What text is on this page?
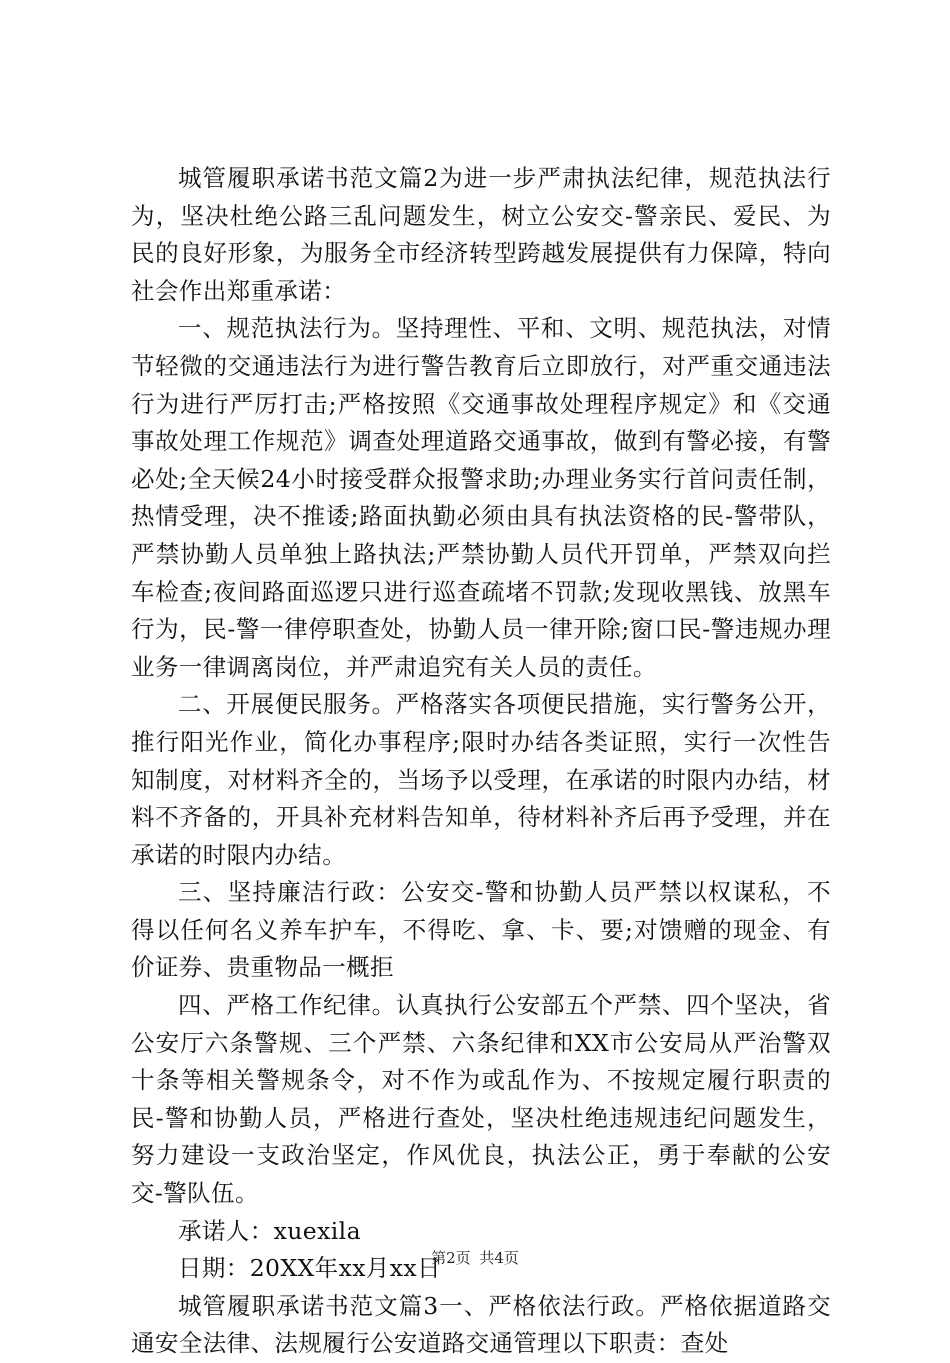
城管履职承诺书范文篇2为进一步严肃执法纪律，规范执法行为，坚决杜绝公路三乱问题发生，树立公安交-警亲民、爱民、为民的良好形象，为服务全市经济转型跨越发展提供有力保障，特向社会作出郑重承诺：

一、规范执法行为。坚持理性、平和、文明、规范执法，对情节轻微的交通违法行为进行警告教育后立即放行，对严重交通违法行为进行严厉打击;严格按照《交通事故处理程序规定》和《交通事故处理工作规范》调查处理道路交通事故，做到有警必接，有警必处;全天候24小时接受群众报警求助;办理业务实行首问责任制，热情受理，决不推诿;路面执勤必须由具有执法资格的民-警带队，严禁协勤人员单独上路执法;严禁协勤人员代开罚单，严禁双向拦车检查;夜间路面巡逻只进行巡查疏堵不罚款;发现收黑钱、放黑车行为，民-警一律停职查处，协勤人员一律开除;窗口民-警违规办理业务一律调离岗位，并严肃追究有关人员的责任。

二、开展便民服务。严格落实各项便民措施，实行警务公开，推行阳光作业，简化办事程序;限时办结各类证照，实行一次性告知制度，对材料齐全的，当场予以受理，在承诺的时限内办结，材料不齐备的，开具补充材料告知单，待材料补齐后再予受理，并在承诺的时限内办结。

三、坚持廉洁行政：公安交-警和协勤人员严禁以权谋私，不得以任何名义养车护车，不得吃、拿、卡、要;对馈赠的现金、有价证券、贵重物品一概拒

四、严格工作纪律。认真执行公安部五个严禁、四个坚决，省公安厅六条警规、三个严禁、六条纪律和XX市公安局从严治警双十条等相关警规条令，对不作为或乱作为、不按规定履行职责的民-警和协勤人员，严格进行查处，坚决杜绝违规违纪问题发生，努力建设一支政治坚定，作风优良，执法公正，勇于奉献的公安交-警队伍。

承诺人：xuexila

日期：20XX年xx月xx日

城管履职承诺书范文篇3一、严格依法行政。严格依据道路交通安全法律、法规履行公安道路交通管理以下职责：查处

第2页 共4页
